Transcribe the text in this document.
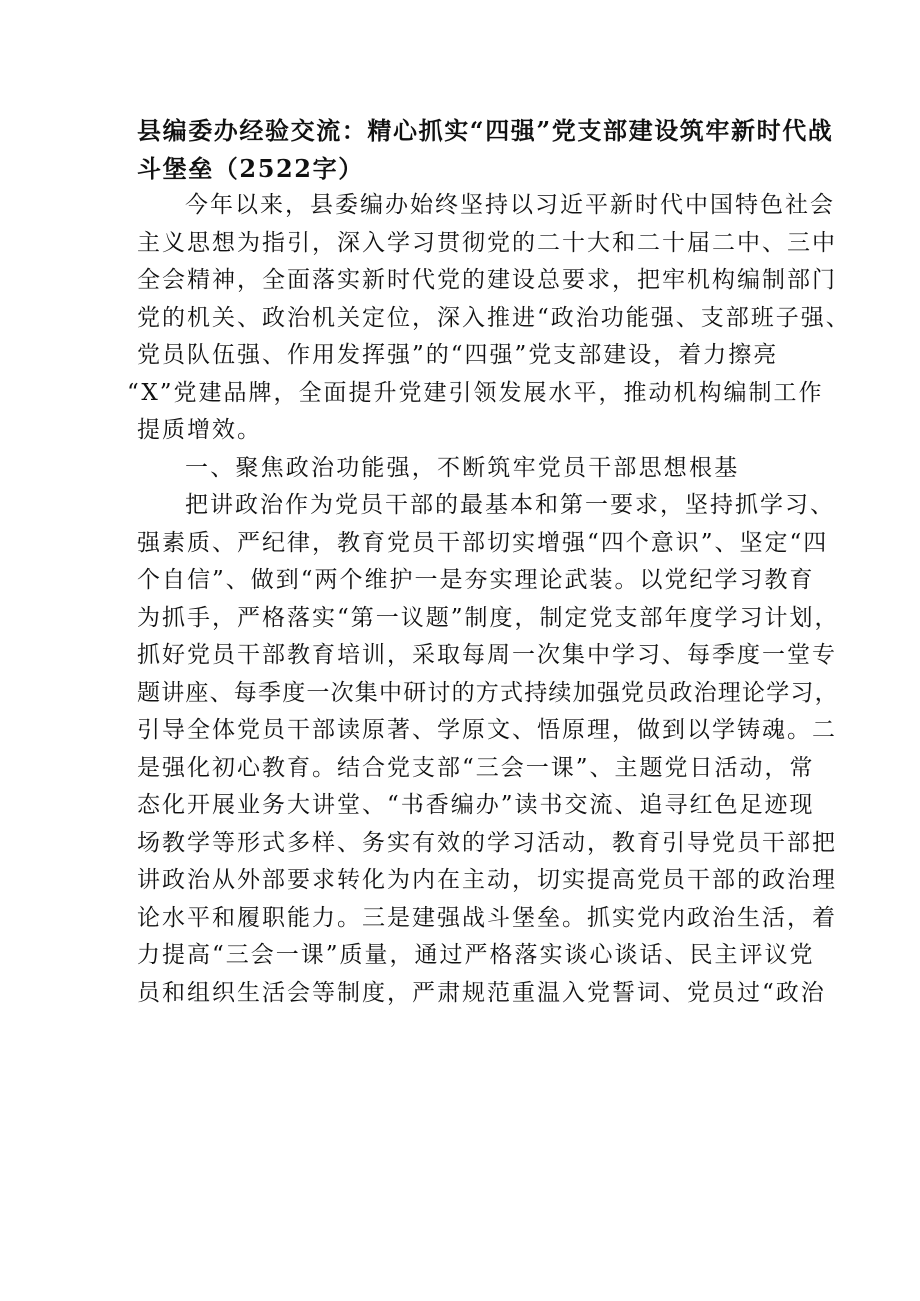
县编委办经验交流：精心抓实“四强”党支部建设筑牢新时代战
斗堡垒（2522字）
今年以来，县委编办始终坚持以习近平新时代中国特色社会
主义思想为指引，深入学习贯彻党的二十大和二十届二中、三中
全会精神，全面落实新时代党的建设总要求，把牢机构编制部门
党的机关、政治机关定位，深入推进“政治功能强、支部班子强、
党员队伍强、作用发挥强”的“四强”党支部建设，着力擦亮
“X”党建品牌，全面提升党建引领发展水平，推动机构编制工作
提质增效。
一、聚焦政治功能强，不断筑牢党员干部思想根基
把讲政治作为党员干部的最基本和第一要求，坚持抓学习、
强素质、严纪律，教育党员干部切实增强“四个意识”、坚定“四
个自信”、做到“两个维护一是夯实理论武装。以党纪学习教育
为抓手，严格落实“第一议题”制度，制定党支部年度学习计划，
抓好党员干部教育培训，采取每周一次集中学习、每季度一堂专
题讲座、每季度一次集中研讨的方式持续加强党员政治理论学习，
引导全体党员干部读原著、学原文、悟原理，做到以学铸魂。二
是强化初心教育。结合党支部“三会一课”、主题党日活动，常
态化开展业务大讲堂、“书香编办”读书交流、追寻红色足迹现
场教学等形式多样、务实有效的学习活动，教育引导党员干部把
讲政治从外部要求转化为内在主动，切实提高党员干部的政治理
论水平和履职能力。三是建强战斗堡垒。抓实党内政治生活，着
力提高“三会一课”质量，通过严格落实谈心谈话、民主评议党
员和组织生活会等制度，严肃规范重温入党誓词、党员过“政治
